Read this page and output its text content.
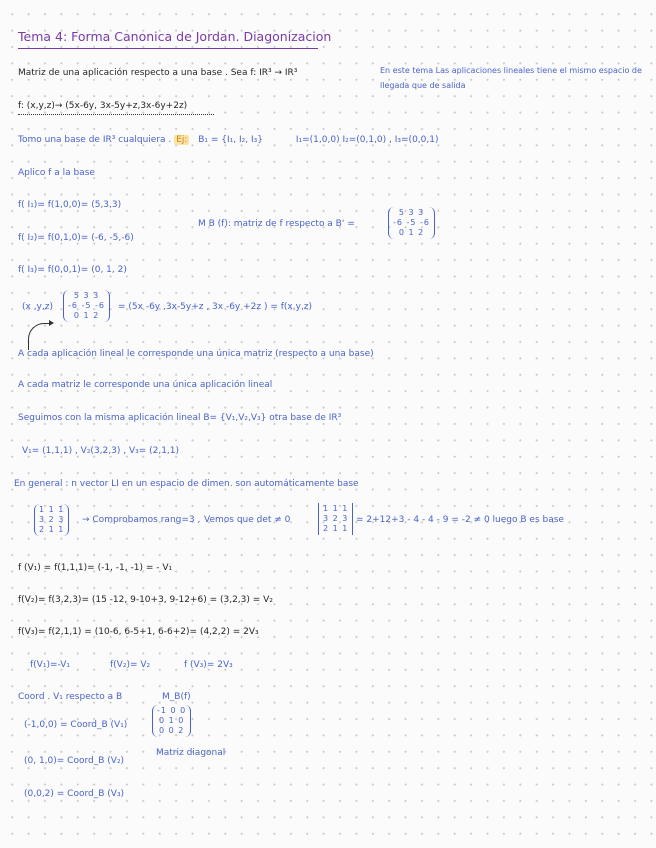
Tema 4: Forma Canonica de Jordan. Diagonizacion
Matriz de una aplicación respecto a una base . Sea f: IR³ → IR³	En este tema Las aplicaciones lineales tiene el mismo espacio de llegada que de salida
f: (x,y,z)→ (5x-6y, 3x-5y+z,3x-6y+2z)
Tomo una base de IR³ cualquiera . Ej: B₁ = {I₁, I₂, I₃}	I₁=(1,0,0) I₂=(0,1,0) , I₃=(0,0,1)
Aplico f a la base
f( I₁)= f(1,0,0)= (5,3,3)
M B (f): matriz de f respecto a B' =
5 3 3
-6 -5 -6
0 1 2
f( I₂)= f(0,1,0)= (-6, -5,-6)
f( I₃)= f(0,0,1)= (0, 1, 2)
(x ,y,z)
5 3 3
-6 -5 -6
0 1 2
= (5x -6y ,3x-5y+z , 3x -6y +2z ) = f(x,y,z)
A cada aplicación lineal le corresponde una única matriz (respecto a una base)
A cada matriz le corresponde una única aplicación lineal
Seguimos con la misma aplicación lineal B= {V₁,V₂,V₃} otra base de IR³
V₁= (1,1,1) , V₂(3,2,3) , V₃= (2,1,1)
En general : n vector LI en un espacio de dimen. son automáticamente base
1 1 1
3 2 3
2 1 1
→ Comprobamos rang=3 , Vemos que det ≠ 0
1 1 1
3 2 3
2 1 1
= 2+12+3 - 4 - 4 - 9 = -2 ≠ 0 luego B es base
f (V₁) = f(1,1,1)= (-1, -1, -1) = - V₁
f(V₂)= f(3,2,3)= (15 -12, 9-10+3, 9-12+6) = (3,2,3) = V₂
f(V₃)= f(2,1,1) = (10-6, 6-5+1, 6-6+2)= (4,2,2) = 2V₃
f(V₁)=-V₁	f(V₂)= V₂	f (V₃)= 2V₃
Coord . V₁ respecto a B	M_B(f)
-1 0 0
0 1 0
0 0 2
(-1,0,0) = Coord_B (V₁)
Matriz diagonal
(0, 1,0)= Coord_B (V₂)
(0,0,2) = Coord_B (V₃)
